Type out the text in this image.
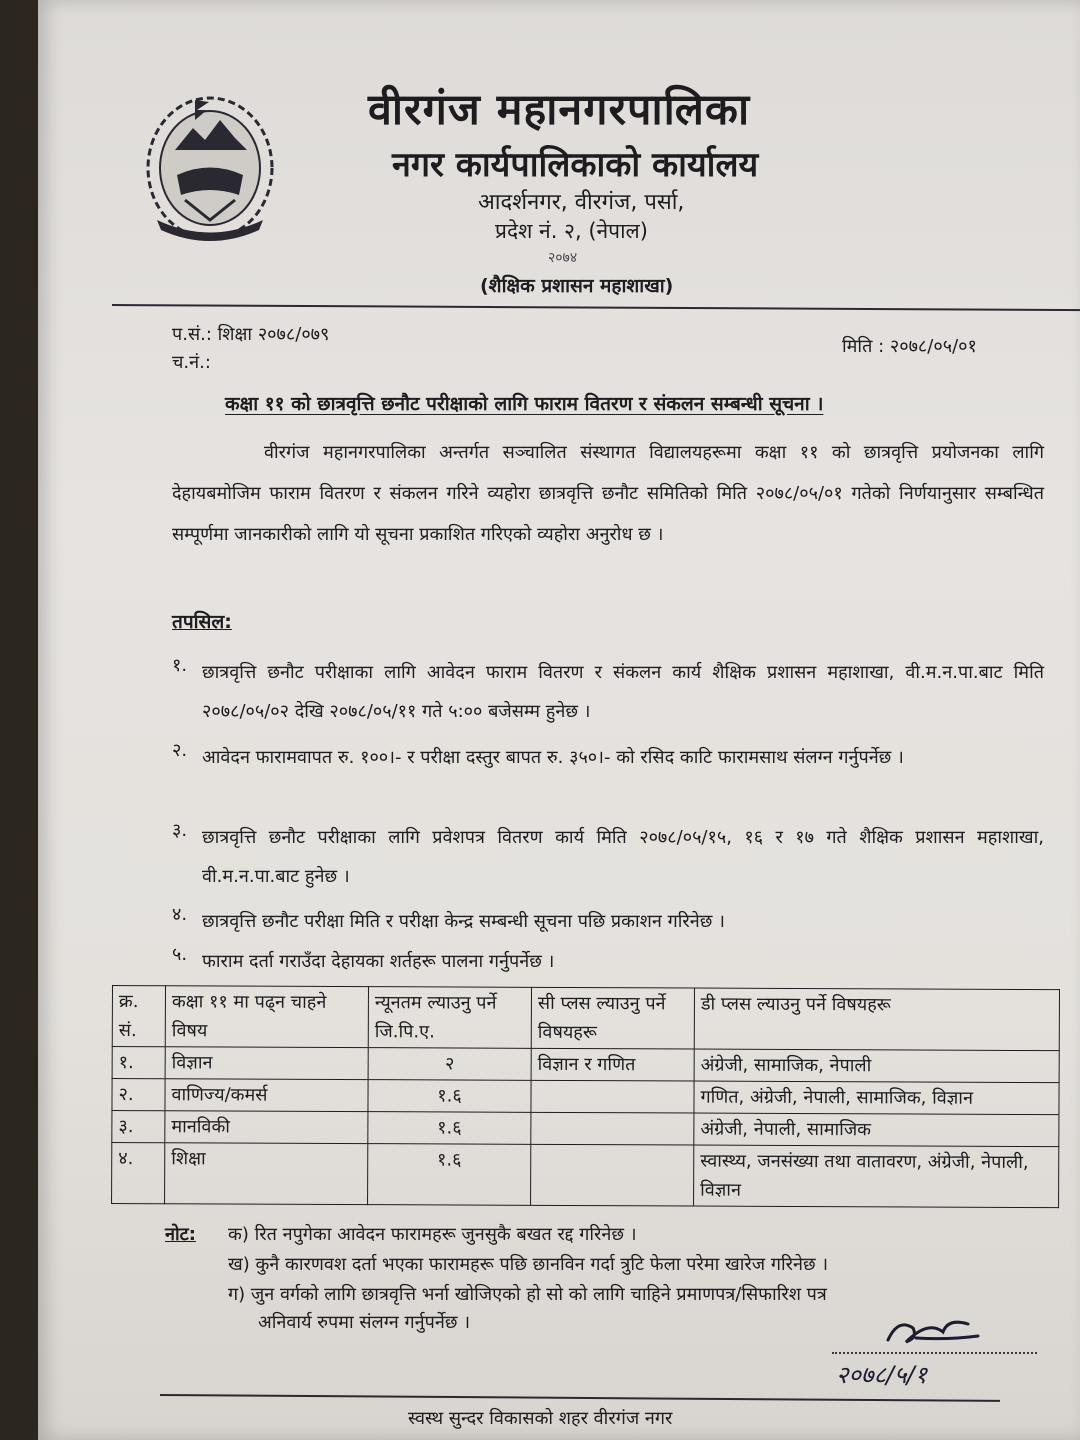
वीरगंज महानगरपालिका
नगर कार्यपालिकाको कार्यालय
आदर्शनगर, वीरगंज, पर्सा,
प्रदेश नं. २, (नेपाल)
२०७४
(शैक्षिक प्रशासन महाशाखा)
प.सं.: शिक्षा २०७८/०७९
च.नं.:
मिति : २०७८/०५/०१
कक्षा ११ को छात्रवृत्ति छनौट परीक्षाको लागि फाराम वितरण र संकलन सम्बन्धी सूचना ।
वीरगंज महानगरपालिका अन्तर्गत सञ्चालित संस्थागत विद्यालयहरूमा कक्षा ११ को छात्रवृत्ति प्रयोजनका लागि देहायबमोजिम फाराम वितरण र संकलन गरिने व्यहोरा छात्रवृत्ति छनौट समितिको मिति २०७८/०५/०१ गतेको निर्णयानुसार सम्बन्धित सम्पूर्णमा जानकारीको लागि यो सूचना प्रकाशित गरिएको व्यहोरा अनुरोध छ ।
तपसिल:
१. छात्रवृत्ति छनौट परीक्षाका लागि आवेदन फाराम वितरण र संकलन कार्य शैक्षिक प्रशासन महाशाखा, वी.म.न.पा.बाट मिति २०७८/०५/०२ देखि २०७८/०५/११ गते ५:०० बजेसम्म हुनेछ ।
२. आवेदन फारामवापत रु. १००।- र परीक्षा दस्तुर बापत रु. ३५०।- को रसिद काटि फारामसाथ संलग्न गर्नुपर्नेछ ।
३. छात्रवृत्ति छनौट परीक्षाका लागि प्रवेशपत्र वितरण कार्य मिति २०७८/०५/१५, १६ र १७ गते शैक्षिक प्रशासन महाशाखा, वी.म.न.पा.बाट हुनेछ ।
४. छात्रवृत्ति छनौट परीक्षा मिति र परीक्षा केन्द्र सम्बन्धी सूचना पछि प्रकाशन गरिनेछ ।
५. फाराम दर्ता गराउँदा देहायका शर्तहरू पालना गर्नुपर्नेछ ।
क्र. सं.	कक्षा ११ मा पढ्न चाहने विषय	न्यूनतम ल्याउनु पर्ने जि.पि.ए.	सी प्लस ल्याउनु पर्ने विषयहरू	डी प्लस ल्याउनु पर्ने विषयहरू
१.	विज्ञान	२	विज्ञान र गणित	अंग्रेजी, सामाजिक, नेपाली
२.	वाणिज्य/कमर्स	१.६		गणित, अंग्रेजी, नेपाली, सामाजिक, विज्ञान
३.	मानविकी	१.६		अंग्रेजी, नेपाली, सामाजिक
४.	शिक्षा	१.६		स्वास्थ्य, जनसंख्या तथा वातावरण, अंग्रेजी, नेपाली, विज्ञान
नोट: क) रित नपुगेका आवेदन फारामहरू जुनसुकै बखत रद्द गरिनेछ ।
ख) कुनै कारणवश दर्ता भएका फारामहरू पछि छानविन गर्दा त्रुटि फेला परेमा खारेज गरिनेछ ।
ग) जुन वर्गको लागि छात्रवृत्ति भर्ना खोजिएको हो सो को लागि चाहिने प्रमाणपत्र/सिफारिश पत्र
अनिवार्य रुपमा संलग्न गर्नुपर्नेछ ।
२०७८/५/१
स्वस्थ सुन्दर विकासको शहर वीरगंज नगर
